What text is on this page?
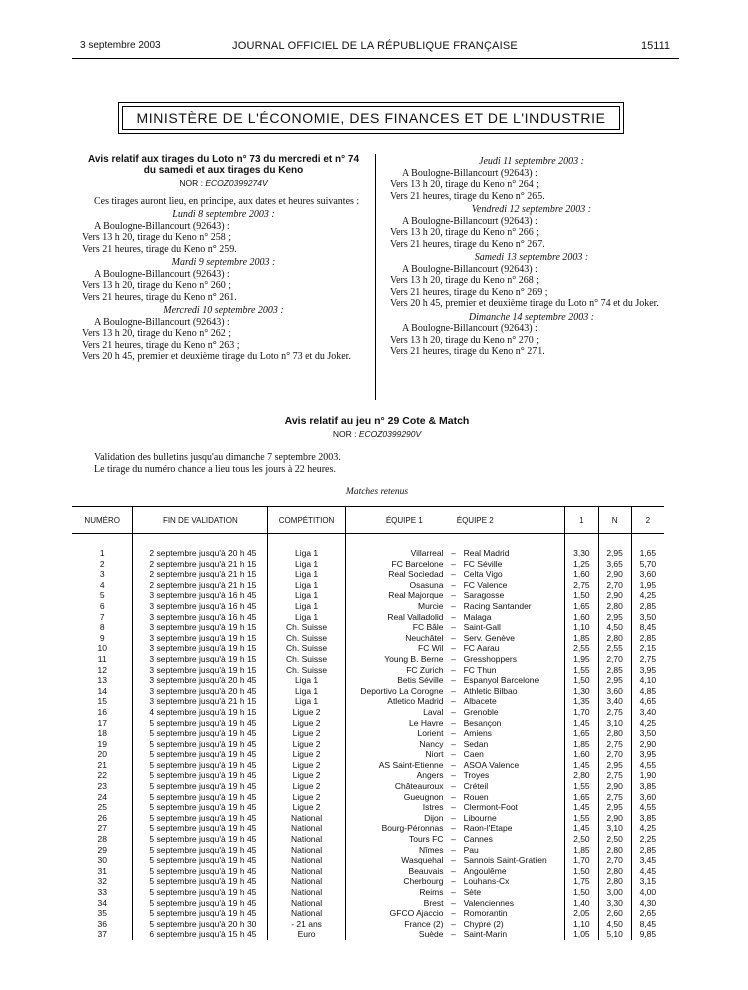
3 septembre 2003	JOURNAL OFFICIEL DE LA RÉPUBLIQUE FRANÇAISE	15111
MINISTÈRE DE L'ÉCONOMIE, DES FINANCES ET DE L'INDUSTRIE
Avis relatif aux tirages du Loto n° 73 du mercredi et n° 74 du samedi et aux tirages du Keno
NOR : ECOZ0399274V
Ces tirages auront lieu, en principe, aux dates et heures suivantes :
Lundi 8 septembre 2003 :
A Boulogne-Billancourt (92643) :
Vers 13 h 20, tirage du Keno n° 258 ;
Vers 21 heures, tirage du Keno n° 259.
Mardi 9 septembre 2003 :
A Boulogne-Billancourt (92643) :
Vers 13 h 20, tirage du Keno n° 260 ;
Vers 21 heures, tirage du Keno n° 261.
Mercredi 10 septembre 2003 :
A Boulogne-Billancourt (92643) :
Vers 13 h 20, tirage du Keno n° 262 ;
Vers 21 heures, tirage du Keno n° 263 ;
Vers 20 h 45, premier et deuxième tirage du Loto n° 73 et du Joker.
Jeudi 11 septembre 2003 :
A Boulogne-Billancourt (92643) :
Vers 13 h 20, tirage du Keno n° 264 ;
Vers 21 heures, tirage du Keno n° 265.
Vendredi 12 septembre 2003 :
A Boulogne-Billancourt (92643) :
Vers 13 h 20, tirage du Keno n° 266 ;
Vers 21 heures, tirage du Keno n° 267.
Samedi 13 septembre 2003 :
A Boulogne-Billancourt (92643) :
Vers 13 h 20, tirage du Keno n° 268 ;
Vers 21 heures, tirage du Keno n° 269 ;
Vers 20 h 45, premier et deuxième tirage du Loto n° 74 et du Joker.
Dimanche 14 septembre 2003 :
A Boulogne-Billancourt (92643) :
Vers 13 h 20, tirage du Keno n° 270 ;
Vers 21 heures, tirage du Keno n° 271.
Avis relatif au jeu n° 29 Cote & Match
NOR : ECOZ0399290V
Validation des bulletins jusqu'au dimanche 7 septembre 2003.
Le tirage du numéro chance a lieu tous les jours à 22 heures.
Matches retenus
NUMÉRO	FIN DE VALIDATION	COMPÉTITION	ÉQUIPE 1 ÉQUIPE 2			1	N	2

1	2 septembre jusqu'à 20 h 45	Liga 1	Villarreal	–	Real Madrid	3,30	2,95	1,65
2	2 septembre jusqu'à 21 h 15	Liga 1	FC Barcelone	–	FC Séville	1,25	3,65	5,70
3	2 septembre jusqu'à 21 h 15	Liga 1	Real Sociedad	–	Celta Vigo	1,60	2,90	3,60
4	2 septembre jusqu'à 21 h 15	Liga 1	Osasuna	–	FC Valence	2,75	2,70	1,95
5	3 septembre jusqu'à 16 h 45	Liga 1	Real Majorque	–	Saragosse	1,50	2,90	4,25
6	3 septembre jusqu'à 16 h 45	Liga 1	Murcie	–	Racing Santander	1,65	2,80	2,85
7	3 septembre jusqu'à 16 h 45	Liga 1	Real Valladolid	–	Malaga	1,60	2,95	3,50
8	3 septembre jusqu'à 19 h 15	Ch. Suisse	FC Bâle	–	Saint-Gall	1,10	4,50	8,45
9	3 septembre jusqu'à 19 h 15	Ch. Suisse	Neuchâtel	–	Serv. Genève	1,85	2,80	2,85
10	3 septembre jusqu'à 19 h 15	Ch. Suisse	FC Wil	–	FC Aarau	2,55	2,55	2,15
11	3 septembre jusqu'à 19 h 15	Ch. Suisse	Young B. Berne	–	Gresshoppers	1,95	2,70	2,75
12	3 septembre jusqu'à 19 h 15	Ch. Suisse	FC Zurich	–	FC Thun	1,55	2,85	3,95
13	3 septembre jusqu'à 20 h 45	Liga 1	Betis Séville	–	Espanyol Barcelone	1,50	2,95	4,10
14	3 septembre jusqu'à 20 h 45	Liga 1	Deportivo La Corogne	–	Athletic Bilbao	1,30	3,60	4,85
15	3 septembre jusqu'à 21 h 15	Liga 1	Atletico Madrid	–	Albacete	1,35	3,40	4,65
16	4 septembre jusqu'à 19 h 15	Ligue 2	Laval	–	Grenoble	1,70	2,75	3,40
17	5 septembre jusqu'à 19 h 45	Ligue 2	Le Havre	–	Besançon	1,45	3,10	4,25
18	5 septembre jusqu'à 19 h 45	Ligue 2	Lorient	–	Amiens	1,65	2,80	3,50
19	5 septembre jusqu'à 19 h 45	Ligue 2	Nancy	–	Sedan	1,85	2,75	2,90
20	5 septembre jusqu'à 19 h 45	Ligue 2	Niort	–	Caen	1,60	2,70	3,95
21	5 septembre jusqu'à 19 h 45	Ligue 2	AS Saint-Etienne	–	ASOA Valence	1,45	2,95	4,55
22	5 septembre jusqu'à 19 h 45	Ligue 2	Angers	–	Troyes	2,80	2,75	1,90
23	5 septembre jusqu'à 19 h 45	Ligue 2	Châteauroux	–	Créteil	1,55	2,90	3,85
24	5 septembre jusqu'à 19 h 45	Ligue 2	Gueugnon	–	Rouen	1,65	2,75	3,60
25	5 septembre jusqu'à 19 h 45	Ligue 2	Istres	–	Clermont-Foot	1,45	2,95	4,55
26	5 septembre jusqu'à 19 h 45	National	Dijon	–	Libourne	1,55	2,90	3,85
27	5 septembre jusqu'à 19 h 45	National	Bourg-Péronnas	–	Raon-l'Etape	1,45	3,10	4,25
28	5 septembre jusqu'à 19 h 45	National	Tours FC	–	Cannes	2,50	2,50	2,25
29	5 septembre jusqu'à 19 h 45	National	Nîmes	–	Pau	1,85	2,80	2,85
30	5 septembre jusqu'à 19 h 45	National	Wasquehal	–	Sannois Saint-Gratien	1,70	2,70	3,45
31	5 septembre jusqu'à 19 h 45	National	Beauvais	–	Angoulême	1,50	2,80	4,45
32	5 septembre jusqu'à 19 h 45	National	Cherbourg	–	Louhans-Cx	1,75	2,80	3,15
33	5 septembre jusqu'à 19 h 45	National	Reims	–	Sète	1,50	3,00	4,00
34	5 septembre jusqu'à 19 h 45	National	Brest	–	Valenciennes	1,40	3,30	4,30
35	5 septembre jusqu'à 19 h 45	National	GFCO Ajaccio	–	Romorantin	2,05	2,60	2,65
36	5 septembre jusqu'à 20 h 30	- 21 ans	France (2)	–	Chypre (2)	1,10	4,50	8,45
37	6 septembre jusqu'à 15 h 45	Euro	Suède	–	Saint-Marin	1,05	5,10	9,85
